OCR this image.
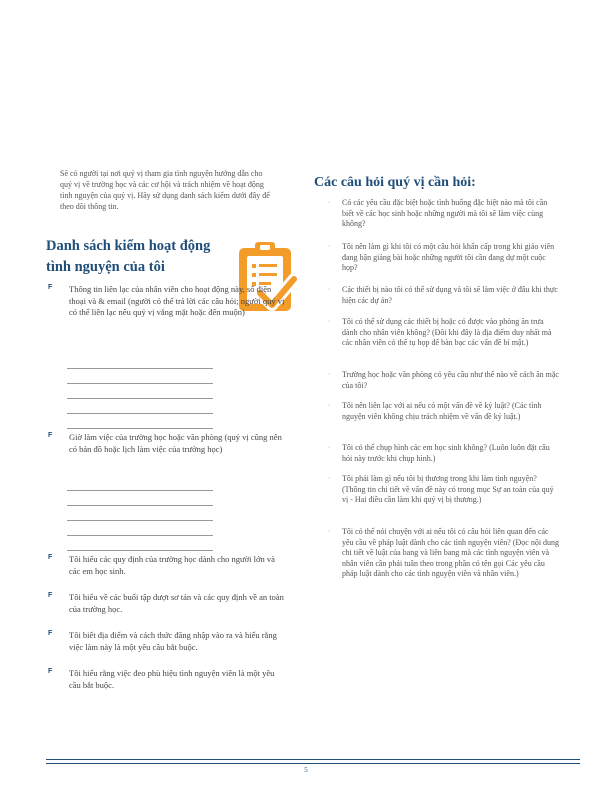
Sẽ có người tại nơi quý vị tham gia tình nguyện hướng dẫn cho quý vị về trường học và các cơ hội và trách nhiệm về hoạt động tình nguyện của quý vị. Hãy sử dụng danh sách kiểm dưới đây để theo dõi thông tin.
Danh sách kiểm hoạt động
tình nguyện của tôi
F Thông tin liên lạc của nhân viên cho hoạt động này, số điện thoại và & email (người có thể trả lời các câu hỏi; người quý vị có thể liên lạc nếu quý vị vắng mặt hoặc đến muộn)
F Giờ làm việc của trường học hoặc văn phòng (quý vị cũng nên có bản đồ hoặc lịch làm việc của trường học)
F Tôi hiểu các quy định của trường học dành cho người lớn và các em học sinh.
F Tôi hiểu về các buổi tập dượt sơ tán và các quy định về an toàn của trường học.
F Tôi biết địa điểm và cách thức đăng nhập vào ra và hiểu rằng việc làm này là một yêu cầu bắt buộc.
F Tôi hiểu rằng việc đeo phù hiệu tình nguyện viên là một yêu cầu bắt buộc.
Các câu hỏi quý vị cần hỏi:
◦ Có các yêu cầu đặc biệt hoặc tình huống đặc biệt nào mà tôi cần biết về các học sinh hoặc những người mà tôi sẽ làm việc cùng không?
◦ Tôi nên làm gì khi tôi có một câu hỏi khẩn cấp trong khi giáo viên đang bận giảng bài hoặc những người tôi cần đang dự một cuộc họp?
◦ Các thiết bị nào tôi có thể sử dụng và tôi sẽ làm việc ở đâu khi thực hiện các dự án?
◦ Tôi có thể sử dụng các thiết bị hoặc có được vào phòng ăn trưa dành cho nhân viên không? (Đôi khi đây là địa điểm duy nhất mà các nhân viên có thể tụ họp để bàn bạc các vấn đề bí mật.)
◦ Trường học hoặc văn phòng có yêu cầu như thế nào về cách ăn mặc của tôi?
◦ Tôi nên liên lạc với ai nếu có một vấn đề về kỷ luật? (Các tình nguyện viên không chịu trách nhiệm về vấn đề kỷ luật.)
◦ Tôi có thể chụp hình các em học sinh không? (Luôn luôn đặt câu hỏi này trước khi chụp hình.)
◦ Tôi phải làm gì nếu tôi bị thương trong khi làm tình nguyện? (Thông tin chi tiết về vấn đề này có trong mục Sự an toàn của quý vị - Hai điều cần làm khi quý vị bị thương.)
◦ Tôi có thể nói chuyện với ai nếu tôi có câu hỏi liên quan đến các yêu cầu về pháp luật dành cho các tình nguyện viên? (Đọc nội dung chi tiết về luật của bang và liên bang mà các tình nguyện viên và nhân viên cần phải tuân theo trong phần có tên gọi Các yêu cầu pháp luật dành cho các tình nguyện viên và nhân viên.)
5
